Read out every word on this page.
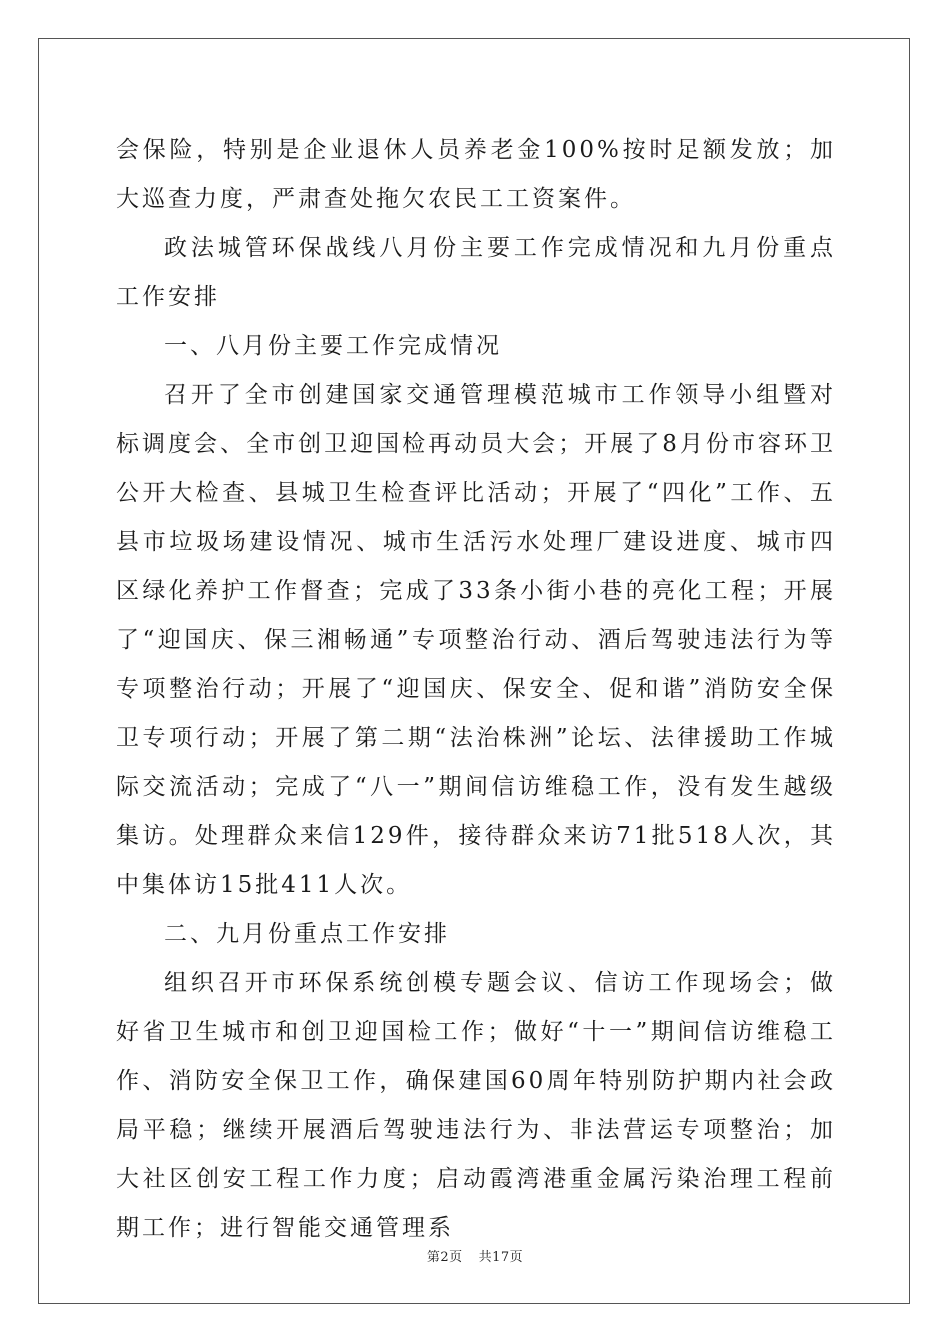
会保险，特别是企业退休人员养老金100%按时足额发放；加大巡查力度，严肃查处拖欠农民工工资案件。

政法城管环保战线八月份主要工作完成情况和九月份重点工作安排

一、八月份主要工作完成情况

召开了全市创建国家交通管理模范城市工作领导小组暨对标调度会、全市创卫迎国检再动员大会；开展了8月份市容环卫公开大检查、县城卫生检查评比活动；开展了“四化”工作、五县市垃圾场建设情况、城市生活污水处理厂建设进度、城市四区绿化养护工作督查；完成了33条小街小巷的亮化工程；开展了“迎国庆、保三湘畅通”专项整治行动、酒后驾驶违法行为等专项整治行动；开展了“迎国庆、保安全、促和谐”消防安全保卫专项行动；开展了第二期“法治株洲”论坛、法律援助工作城际交流活动；完成了“八一”期间信访维稳工作，没有发生越级集访。处理群众来信129件，接待群众来访71批518人次，其中集体访15批411人次。

二、九月份重点工作安排

组织召开市环保系统创模专题会议、信访工作现场会；做好省卫生城市和创卫迎国检工作；做好“十一”期间信访维稳工作、消防安全保卫工作，确保建国60周年特别防护期内社会政局平稳；继续开展酒后驾驶违法行为、非法营运专项整治；加大社区创安工程工作力度；启动霞湾港重金属污染治理工程前期工作；进行智能交通管理系

第2页 共17页
